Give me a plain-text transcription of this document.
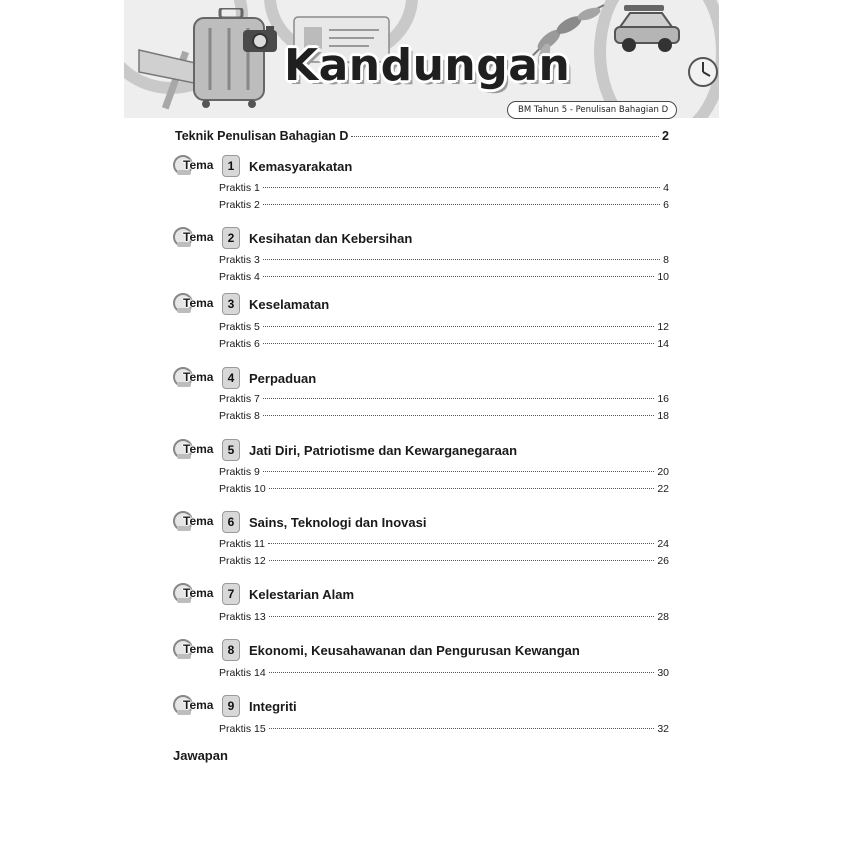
Kandungan
BM Tahun 5 - Penulisan Bahagian D
Teknik Penulisan Bahagian D	2
Tema	1	Kemasyarakatan
Praktis 1	4
Praktis 2	6
Tema	2	Kesihatan dan Kebersihan
Praktis 3	8
Praktis 4	10
Tema	3	Keselamatan
Praktis 5	12
Praktis 6	14
Tema	4	Perpaduan
Praktis 7	16
Praktis 8	18
Tema	5	Jati Diri, Patriotisme dan Kewarganegaraan
Praktis 9	20
Praktis 10	22
Tema	6	Sains, Teknologi dan Inovasi
Praktis 11	24
Praktis 12	26
Tema	7	Kelestarian Alam
Praktis 13	28
Tema	8	Ekonomi, Keusahawanan dan Pengurusan Kewangan
Praktis 14	30
Tema	9	Integriti
Praktis 15	32
Jawapan
